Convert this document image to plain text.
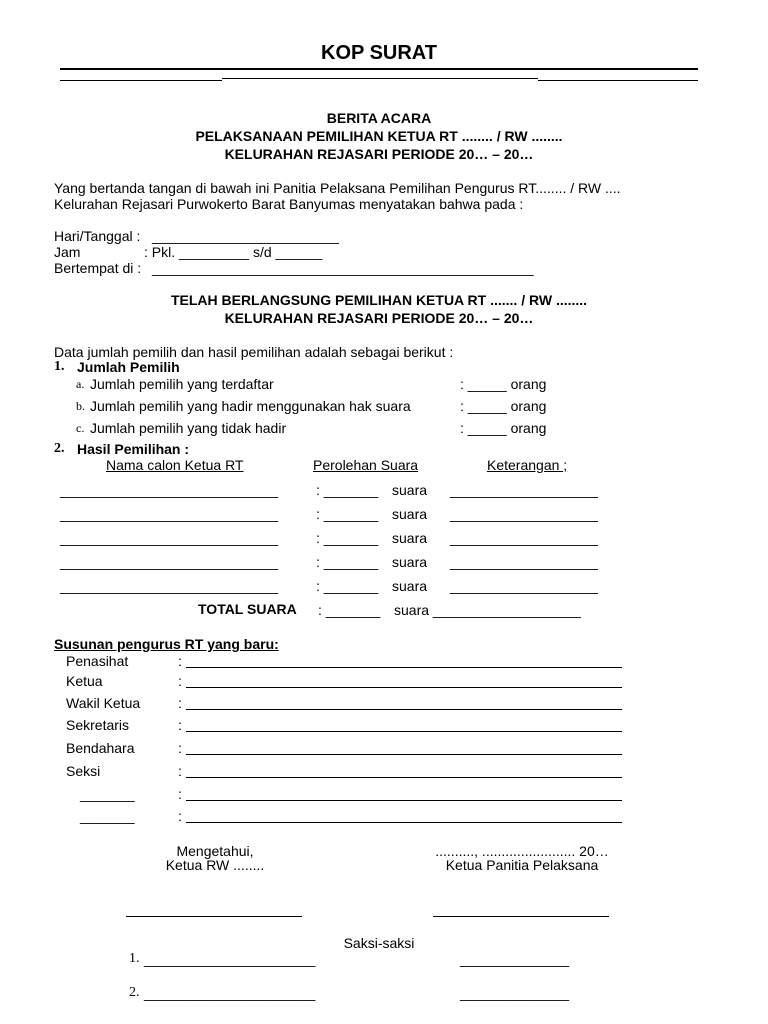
KOP SURAT
BERITA ACARA
PELAKSANAAN PEMILIHAN KETUA RT ........ / RW ........
KELURAHAN REJASARI PERIODE 20… – 20…
Yang bertanda tangan di bawah ini Panitia Pelaksana Pemilihan Pengurus RT........ / RW ....
Kelurahan Rejasari Purwokerto Barat Banyumas menyatakan bahwa pada :
Hari/Tanggal : ________________________
Jam	: Pkl. _________ s/d ______
Bertempat di : _________________________________________________
TELAH BERLANGSUNG PEMILIHAN KETUA RT ....... / RW ........
KELURAHAN REJASARI PERIODE 20… – 20…
Data jumlah pemilih dan hasil pemilihan adalah sebagai berikut :
1. Jumlah Pemilih
a. Jumlah pemilih yang terdaftar	: _____ orang
b. Jumlah pemilih yang hadir menggunakan hak suara	: _____ orang
c. Jumlah pemilih yang tidak hadir	: _____ orang
2. Hasil Pemilihan :
Nama calon Ketua RT	Perolehan Suara	Keterangan ;
____________________________	: _______ suara ___________________
____________________________	: _______ suara ___________________
____________________________	: _______ suara ___________________
____________________________	: _______ suara ___________________
____________________________	: _______ suara ___________________
TOTAL SUARA : _______ suara ___________________
Susunan pengurus RT yang baru:
Penasihat	:
Ketua	:
Wakil Ketua	:
Sekretaris	:
Bendahara	:
Seksi	:
_______	:
_______	:
Mengetahui,
Ketua RW ........
.........., ........................ 20…
Ketua Panitia Pelaksana
Saksi-saksi
1. ______________________	______________
2. ______________________	______________
